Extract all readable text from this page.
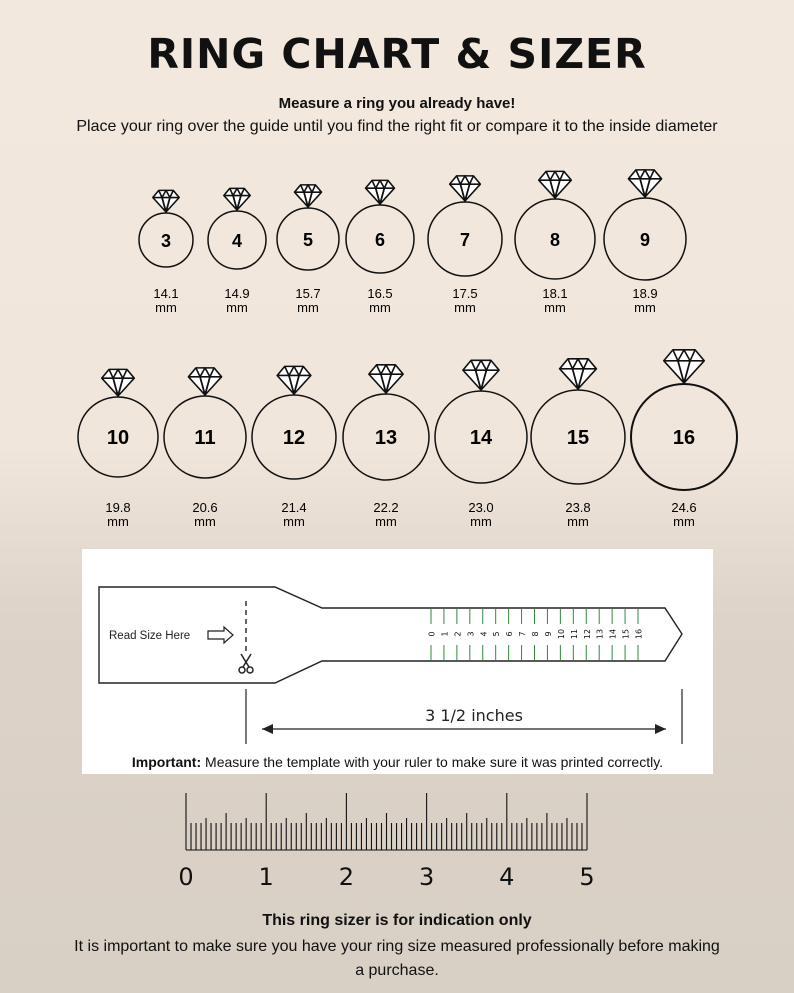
RING CHART & SIZER
Measure a ring you already have!
Place your ring over the guide until you find the right fit or compare it to the inside diameter
3
14.1
mm
4
14.9
mm
5
15.7
mm
6
16.5
mm
7
17.5
mm
8
18.1
mm
9
18.9
mm
10
19.8
mm
11
20.6
mm
12
21.4
mm
13
22.2
mm
14
23.0
mm
15
23.8
mm
16
24.6
mm
Read Size Here	0 1 2 3 4 5 6 7 8 9 10 11 12 13 14 15 16
3 1/2 inches
Important: Measure the template with your ruler to make sure it was printed correctly.
0	1	2	3	4	5
This ring sizer is for indication only
It is important to make sure you have your ring size measured professionally before making a purchase.
